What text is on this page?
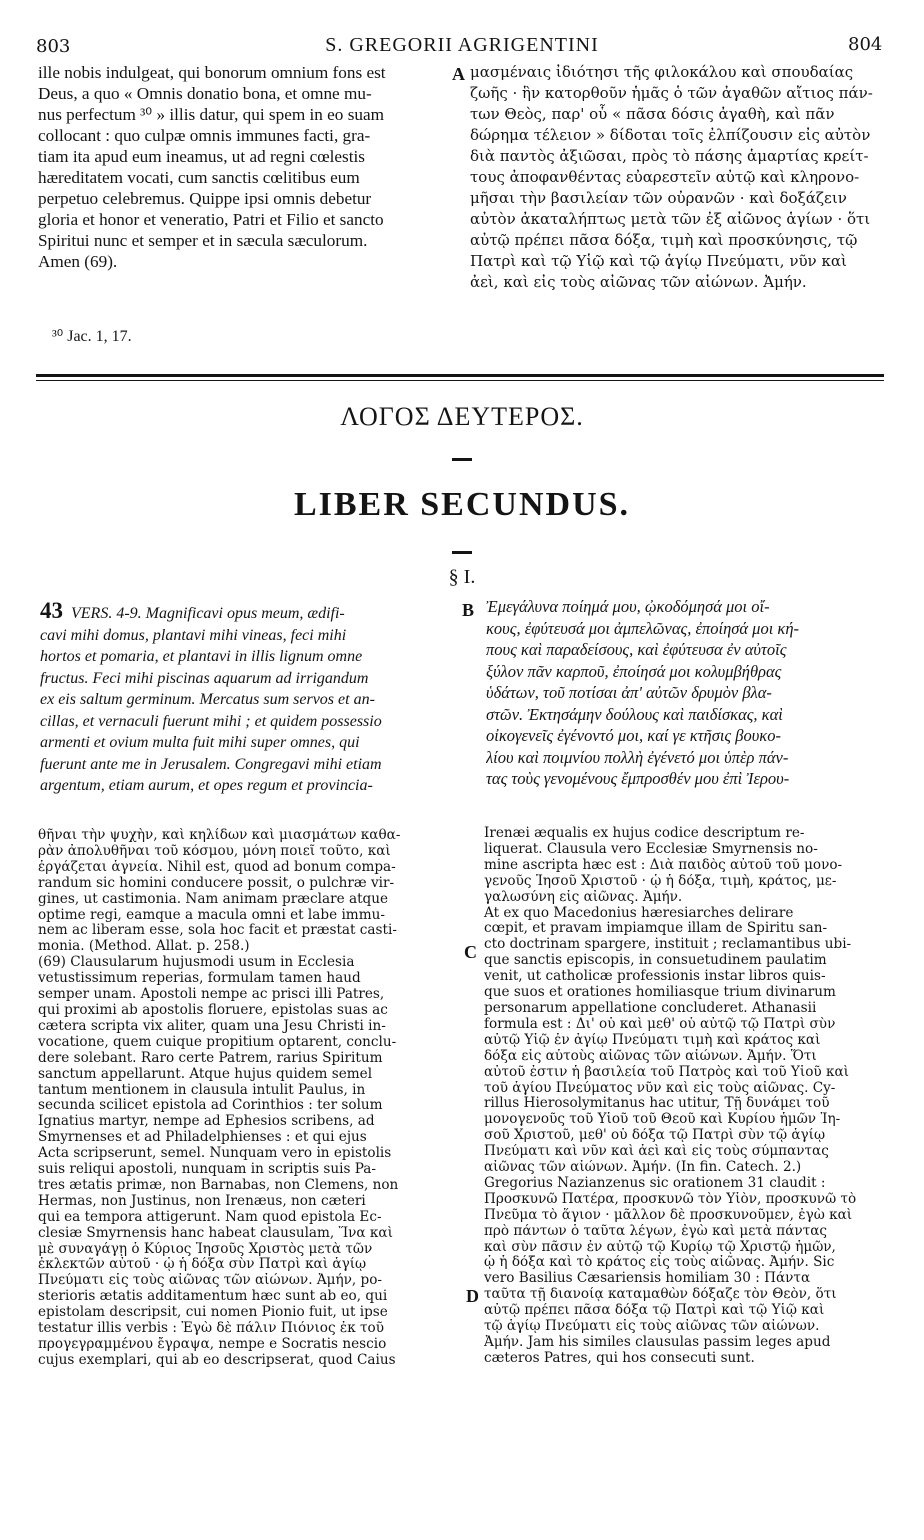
803	S. GREGORII AGRIGENTINI	804
ille nobis indulgeat, qui bonorum omnium fons est
Deus, a quo « Omnis donatio bona, et omne mu-
nus perfectum ³⁰ » illis datur, qui spem in eo suam
collocant : quo culpæ omnis immunes facti, gra-
tiam ita apud eum ineamus, ut ad regni cœlestis
hæreditatem vocati, cum sanctis cœlitibus eum
perpetuo celebremus. Quippe ipsi omnis debetur
gloria et honor et veneratio, Patri et Filio et sancto
Spiritui nunc et semper et in sæcula sæculorum.
Amen (69).
A μασμέναις ἰδιότησι τῆς φιλοκάλου καὶ σπουδαίας
ζωῆς · ἣν κατορθοῦν ἡμᾶς ὁ τῶν ἀγαθῶν αἴτιος πάν-
των Θεὸς, παρ' οὗ « πᾶσα δόσις ἀγαθὴ, καὶ πᾶν
δώρημα τέλειον » δίδοται τοῖς ἐλπίζουσιν εἰς αὐτὸν
διὰ παντὸς ἀξιῶσαι, πρὸς τὸ πάσης ἁμαρτίας κρείτ-
τους ἀποφανθέντας εὐαρεστεῖν αὐτῷ καὶ κληρονο-
μῆσαι τὴν βασιλείαν τῶν οὐρανῶν · καὶ δοξάζειν
αὐτὸν ἀκαταλήπτως μετὰ τῶν ἐξ αἰῶνος ἁγίων · ὅτι
αὐτῷ πρέπει πᾶσα δόξα, τιμὴ καὶ προσκύνησις, τῷ
Πατρὶ καὶ τῷ Υἱῷ καὶ τῷ ἁγίῳ Πνεύματι, νῦν καὶ
ἀεὶ, καὶ εἰς τοὺς αἰῶνας τῶν αἰώνων. Ἀμήν.
³⁰ Jac. 1, 17.
ΛΟΓΟΣ ΔΕΥΤΕΡΟΣ.
LIBER SECUNDUS.
§ I.
43 VERS. 4-9. Magnificavi opus meum, ædifi-
cavi mihi domus, plantavi mihi vineas, feci mihi
hortos et pomaria, et plantavi in illis lignum omne
fructus. Feci mihi piscinas aquarum ad irrigandum
ex eis saltum germinum. Mercatus sum servos et an-
cillas, et vernaculi fuerunt mihi ; et quidem possessio
armenti et ovium multa fuit mihi super omnes, qui
fuerunt ante me in Jerusalem. Congregavi mihi etiam
argentum, etiam aurum, et opes regum et provincia-
B Ἐμεγάλυνα ποίημά μου, ᾠκοδόμησά μοι οἴ-
κους, ἐφύτευσά μοι ἀμπελῶνας, ἐποίησά μοι κή-
πους καὶ παραδείσους, καὶ ἐφύτευσα ἐν αὐτοῖς
ξύλον πᾶν καρποῦ, ἐποίησά μοι κολυμβήθρας
ὑδάτων, τοῦ ποτίσαι ἀπ' αὐτῶν δρυμὸν βλα-
στῶν. Ἐκτησάμην δούλους καὶ παιδίσκας, καὶ
οἰκογενεῖς ἐγένοντό μοι, καί γε κτῆσις βουκο-
λίου καὶ ποιμνίου πολλὴ ἐγένετό μοι ὑπὲρ πάν-
τας τοὺς γενομένους ἔμπροσθέν μου ἐπὶ Ἰερου-
θῆναι τὴν ψυχὴν, καὶ κηλίδων καὶ μιασμάτων καθα-
ρὰν ἀπολυθῆναι τοῦ κόσμου, μόνη ποιεῖ τοῦτο, καὶ
ἐργάζεται ἁγνεία. Nihil est, quod ad bonum compa-
randum sic homini conducere possit, o pulchræ vir-
gines, ut castimonia. Nam animam præclare atque
optime regi, eamque a macula omni et labe immu-
nem ac liberam esse, sola hoc facit et præstat casti-
monia. (Method. Allat. p. 258.)
(69) Clausularum hujusmodi usum in Ecclesia
vetustissimum reperias, formulam tamen haud
semper unam. Apostoli nempe ac prisci illi Patres,
qui proximi ab apostolis floruere, epistolas suas ac
cætera scripta vix aliter, quam una Jesu Christi in-
vocatione, quem cuique propitium optarent, conclu-
dere solebant. Raro certe Patrem, rarius Spiritum
sanctum appellarunt. Atque hujus quidem semel
tantum mentionem in clausula intulit Paulus, in
secunda scilicet epistola ad Corinthios : ter solum
Ignatius martyr, nempe ad Ephesios scribens, ad
Smyrnenses et ad Philadelphienses : et qui ejus
Acta scripserunt, semel. Nunquam vero in epistolis
suis reliqui apostoli, nunquam in scriptis suis Pa-
tres ætatis primæ, non Barnabas, non Clemens, non
Hermas, non Justinus, non Irenæus, non cæteri
qui ea tempora attigerunt. Nam quod epistola Ec-
clesiæ Smyrnensis hanc habeat clausulam, Ἵνα καὶ
μὲ συναγάγῃ ὁ Κύριος Ἰησοῦς Χριστὸς μετὰ τῶν
ἐκλεκτῶν αὐτοῦ · ᾧ ἡ δόξα σὺν Πατρὶ καὶ ἁγίῳ
Πνεύματι εἰς τοὺς αἰῶνας τῶν αἰώνων. Ἀμήν, po-
sterioris ætatis additamentum hæc sunt ab eo, qui
epistolam descripsit, cui nomen Pionio fuit, ut ipse
testatur illis verbis : Ἐγὼ δὲ πάλιν Πιόνιος ἐκ τοῦ
προγεγραμμένου ἔγραψα, nempe e Socratis nescio
cujus exemplari, qui ab eo descripserat, quod Caius
C
D
Irenæi æqualis ex hujus codice descriptum re-
liquerat. Clausula vero Ecclesiæ Smyrnensis no-
mine ascripta hæc est : Διὰ παιδὸς αὐτοῦ τοῦ μονο-
γενοῦς Ἰησοῦ Χριστοῦ · ᾧ ἡ δόξα, τιμὴ, κράτος, με-
γαλωσύνη εἰς αἰῶνας. Ἀμήν.
At ex quo Macedonius hæresiarches delirare
cœpit, et pravam impiamque illam de Spiritu san-
cto doctrinam spargere, instituit ; reclamantibus ubi-
que sanctis episcopis, in consuetudinem paulatim
venit, ut catholicæ professionis instar libros quis-
que suos et orationes homiliasque trium divinarum
personarum appellatione concluderet. Athanasii
formula est : Δι' οὗ καὶ μεθ' οὗ αὐτῷ τῷ Πατρὶ σὺν
αὐτῷ Υἱῷ ἐν ἁγίῳ Πνεύματι τιμὴ καὶ κράτος καὶ
δόξα εἰς αὐτοὺς αἰῶνας τῶν αἰώνων. Ἀμήν. Ὅτι
αὐτοῦ ἐστιν ἡ βασιλεία τοῦ Πατρὸς καὶ τοῦ Υἱοῦ καὶ
τοῦ ἁγίου Πνεύματος νῦν καὶ εἰς τοὺς αἰῶνας. Cy-
rillus Hierosolymitanus hac utitur, Τῇ δυνάμει τοῦ
μονογενοῦς τοῦ Υἱοῦ τοῦ Θεοῦ καὶ Κυρίου ἡμῶν Ἰη-
σοῦ Χριστοῦ, μεθ' οὗ δόξα τῷ Πατρὶ σὺν τῷ ἁγίῳ
Πνεύματι καὶ νῦν καὶ ἀεὶ καὶ εἰς τοὺς σύμπαντας
αἰῶνας τῶν αἰώνων. Ἀμήν. (In fin. Catech. 2.)
Gregorius Nazianzenus sic orationem 31 claudit :
Προσκυνῶ Πατέρα, προσκυνῶ τὸν Υἱὸν, προσκυνῶ τὸ
Πνεῦμα τὸ ἅγιον · μᾶλλον δὲ προσκυνοῦμεν, ἐγὼ καὶ
πρὸ πάντων ὁ ταῦτα λέγων, ἐγὼ καὶ μετὰ πάντας
καὶ σὺν πᾶσιν ἐν αὐτῷ τῷ Κυρίῳ τῷ Χριστῷ ἡμῶν,
ᾧ ἡ δόξα καὶ τὸ κράτος εἰς τοὺς αἰῶνας. Ἀμήν. Sic
vero Basilius Cæsariensis homiliam 30 : Πάντα
ταῦτα τῇ διανοίᾳ καταμαθὼν δόξαζε τὸν Θεὸν, ὅτι
αὐτῷ πρέπει πᾶσα δόξα τῷ Πατρὶ καὶ τῷ Υἱῷ καὶ
τῷ ἁγίῳ Πνεύματι εἰς τοὺς αἰῶνας τῶν αἰώνων.
Ἀμήν. Jam his similes clausulas passim leges apud
cæteros Patres, qui hos consecuti sunt.
